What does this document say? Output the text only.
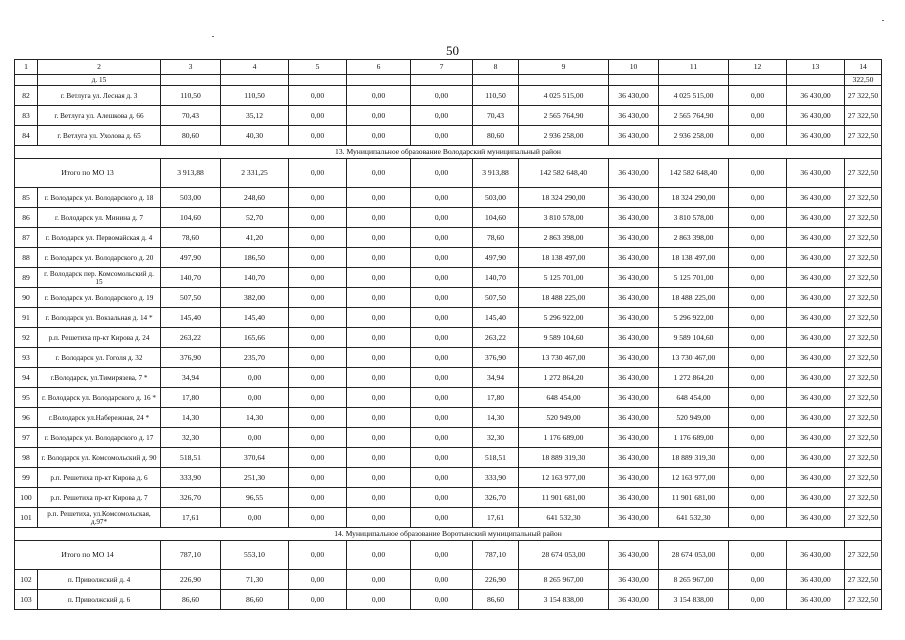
50
1	2	3	4	5	6	7	8	9	10	11	12	13	14
	д. 15												322,50
82	г. Ветлуга ул. Лесная д. 3	110,50	110,50	0,00	0,00	0,00	110,50	4 025 515,00	36 430,00	4 025 515,00	0,00	36 430,00	27 322,50
83	г. Ветлуга ул. Алешкова д. 66	70,43	35,12	0,00	0,00	0,00	70,43	2 565 764,90	36 430,00	2 565 764,90	0,00	36 430,00	27 322,50
84	г. Ветлуга ул. Ухолова д. 65	80,60	40,30	0,00	0,00	0,00	80,60	2 936 258,00	36 430,00	2 936 258,00	0,00	36 430,00	27 322,50
13. Муниципальное образование Володарский муниципальный район													
Итого по МО 13		3 913,88	2 331,25	0,00	0,00	0,00	3 913,88	142 582 648,40	36 430,00	142 582 648,40	0,00	36 430,00	27 322,50
85	г. Володарск ул. Володарского д. 18	503,00	248,60	0,00	0,00	0,00	503,00	18 324 290,00	36 430,00	18 324 290,00	0,00	36 430,00	27 322,50
86	г. Володарск ул. Минина д. 7	104,60	52,70	0,00	0,00	0,00	104,60	3 810 578,00	36 430,00	3 810 578,00	0,00	36 430,00	27 322,50
87	г. Володарск ул. Первомайская д. 4	78,60	41,20	0,00	0,00	0,00	78,60	2 863 398,00	36 430,00	2 863 398,00	0,00	36 430,00	27 322,50
88	г. Володарск ул. Володарского д. 20	497,90	186,50	0,00	0,00	0,00	497,90	18 138 497,00	36 430,00	18 138 497,00	0,00	36 430,00	27 322,50
89	г. Володарск пер. Комсомольский д. 15	140,70	140,70	0,00	0,00	0,00	140,70	5 125 701,00	36 430,00	5 125 701,00	0,00	36 430,00	27 322,50
90	г. Володарск ул. Володарского д. 19	507,50	382,00	0,00	0,00	0,00	507,50	18 488 225,00	36 430,00	18 488 225,00	0,00	36 430,00	27 322,50
91	г. Володарск ул. Вокзальная д. 14 *	145,40	145,40	0,00	0,00	0,00	145,40	5 296 922,00	36 430,00	5 296 922,00	0,00	36 430,00	27 322,50
92	р.п. Решетиха пр-кт Кирова д. 24	263,22	165,66	0,00	0,00	0,00	263,22	9 589 104,60	36 430,00	9 589 104,60	0,00	36 430,00	27 322,50
93	г. Володарск ул. Гоголя д. 32	376,90	235,70	0,00	0,00	0,00	376,90	13 730 467,00	36 430,00	13 730 467,00	0,00	36 430,00	27 322,50
94	г.Володарск, ул.Тимирязева, 7 *	34,94	0,00	0,00	0,00	0,00	34,94	1 272 864,20	36 430,00	1 272 864,20	0,00	36 430,00	27 322,50
95	г. Володарск ул. Володарского д. 16 *	17,80	0,00	0,00	0,00	0,00	17,80	648 454,00	36 430,00	648 454,00	0,00	36 430,00	27 322,50
96	г.Володарск ул.Набережная, 24 *	14,30	14,30	0,00	0,00	0,00	14,30	520 949,00	36 430,00	520 949,00	0,00	36 430,00	27 322,50
97	г. Володарск ул. Володарского д. 17	32,30	0,00	0,00	0,00	0,00	32,30	1 176 689,00	36 430,00	1 176 689,00	0,00	36 430,00	27 322,50
98	г. Володарск ул. Комсомольский д. 90	518,51	370,64	0,00	0,00	0,00	518,51	18 889 319,30	36 430,00	18 889 319,30	0,00	36 430,00	27 322,50
99	р.п. Решетиха пр-кт Кирова д. 6	333,90	251,30	0,00	0,00	0,00	333,90	12 163 977,00	36 430,00	12 163 977,00	0,00	36 430,00	27 322,50
100	р.п. Решетиха пр-кт Кирова д. 7	326,70	96,55	0,00	0,00	0,00	326,70	11 901 681,00	36 430,00	11 901 681,00	0,00	36 430,00	27 322,50
101	р.п. Решетиха, ул.Комсомольская, д.97*	17,61	0,00	0,00	0,00	0,00	17,61	641 532,30	36 430,00	641 532,30	0,00	36 430,00	27 322,50
14. Муниципальное образование Воротынский муниципальный район													
Итого по МО 14		787,10	553,10	0,00	0,00	0,00	787,10	28 674 053,00	36 430,00	28 674 053,00	0,00	36 430,00	27 322,50
102	п. Приволжский д. 4	226,90	71,30	0,00	0,00	0,00	226,90	8 265 967,00	36 430,00	8 265 967,00	0,00	36 430,00	27 322,50
103	п. Приволжский д. 6	86,60	86,60	0,00	0,00	0,00	86,60	3 154 838,00	36 430,00	3 154 838,00	0,00	36 430,00	27 322,50
